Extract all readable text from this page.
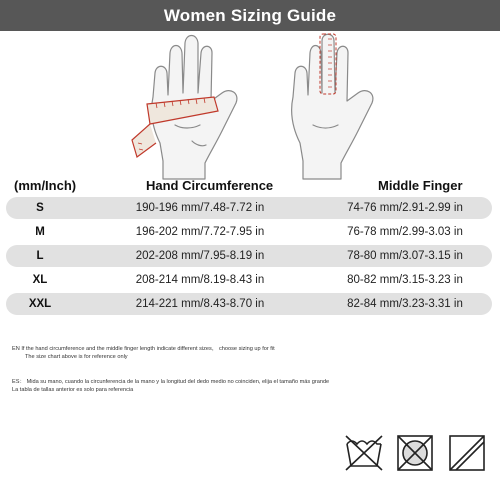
Women Sizing Guide
(mm/Inch)	Hand Circumference	Middle Finger
S	190-196 mm/7.48-7.72 in	74-76 mm/2.91-2.99 in
M	196-202 mm/7.72-7.95 in	76-78 mm/2.99-3.03 in
L	202-208 mm/7.95-8.19 in	78-80 mm/3.07-3.15 in
XL	208-214 mm/8.19-8.43 in	80-82 mm/3.15-3.23 in
XXL	214-221 mm/8.43-8.70 in	82-84 mm/3.23-3.31 in
EN If the hand circumference and the middle finger length indicate different sizes， choose sizing up for fit
The size chart above is for reference only
ES： Mida su mano, cuando la circunferencia de la mano y la longitud del dedo medio no coinciden, elija el tamaño más grande
La tabla de tallas anterior es solo para referencia
